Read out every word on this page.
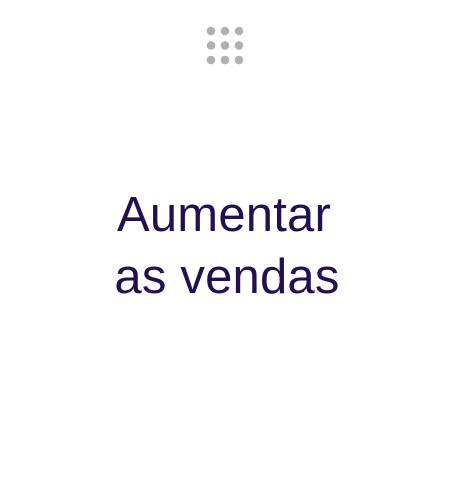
Aumentar
as vendas
